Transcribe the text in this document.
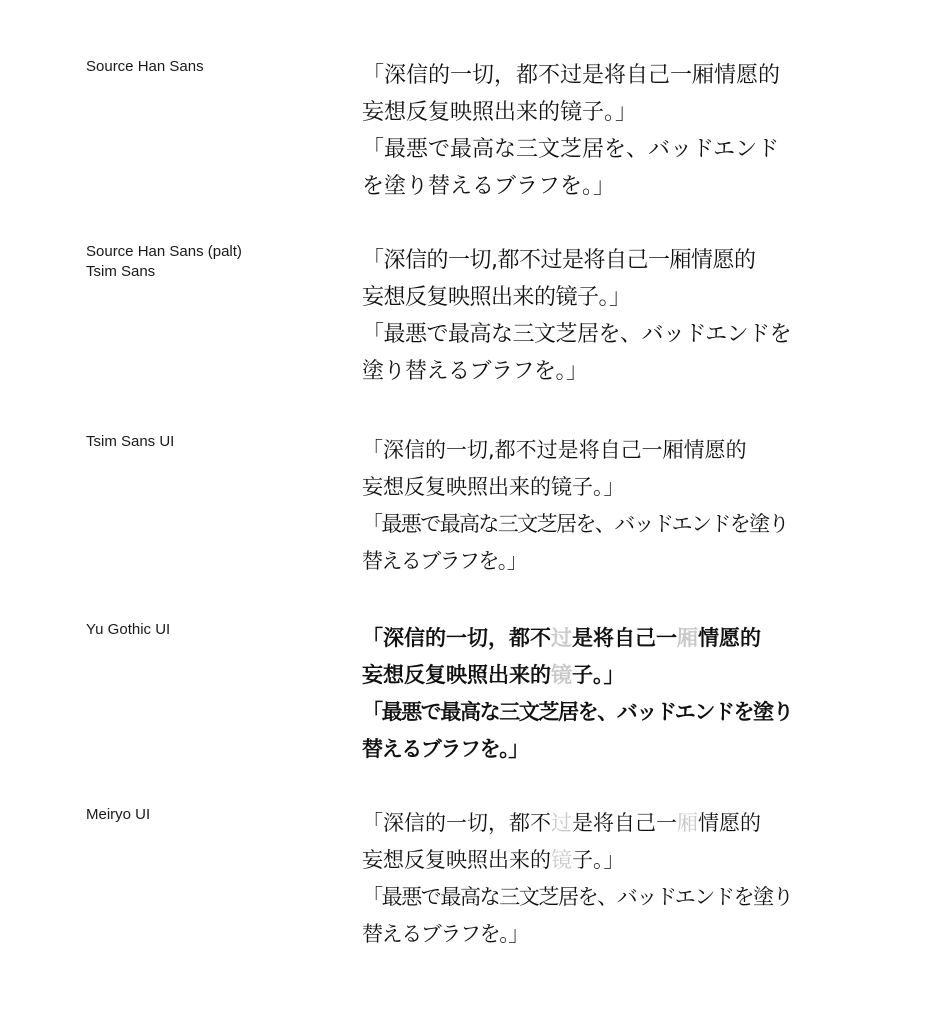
Source Han Sans	「深信的一切，都不过是将自己一厢情愿的
妄想反复映照出来的镜子。」
「最悪で最高な三文芝居を、バッドエンド
を塗り替えるブラフを。」
Source Han Sans (palt)
Tsim Sans	「深信的一切,都不过是将自己一厢情愿的
妄想反复映照出来的镜子。」
「最悪で最高な三文芝居を、バッドエンドを
塗り替えるブラフを。」
Tsim Sans UI	「深信的一切,都不过是将自己一厢情愿的
妄想反复映照出来的镜子。」
「最悪で最高な三文芝居を、バッドエンドを塗り
替えるブラフを。」
Yu Gothic UI	「深信的一切，都不过是将自己一厢情愿的
妄想反复映照出来的镜子。」
「最悪で最高な三文芝居を、バッドエンドを塗り
替えるブラフを。」
Meiryo UI	「深信的一切，都不过是将自己一厢情愿的
妄想反复映照出来的镜子。」
「最悪で最高な三文芝居を、バッドエンドを塗り
替えるブラフを。」
